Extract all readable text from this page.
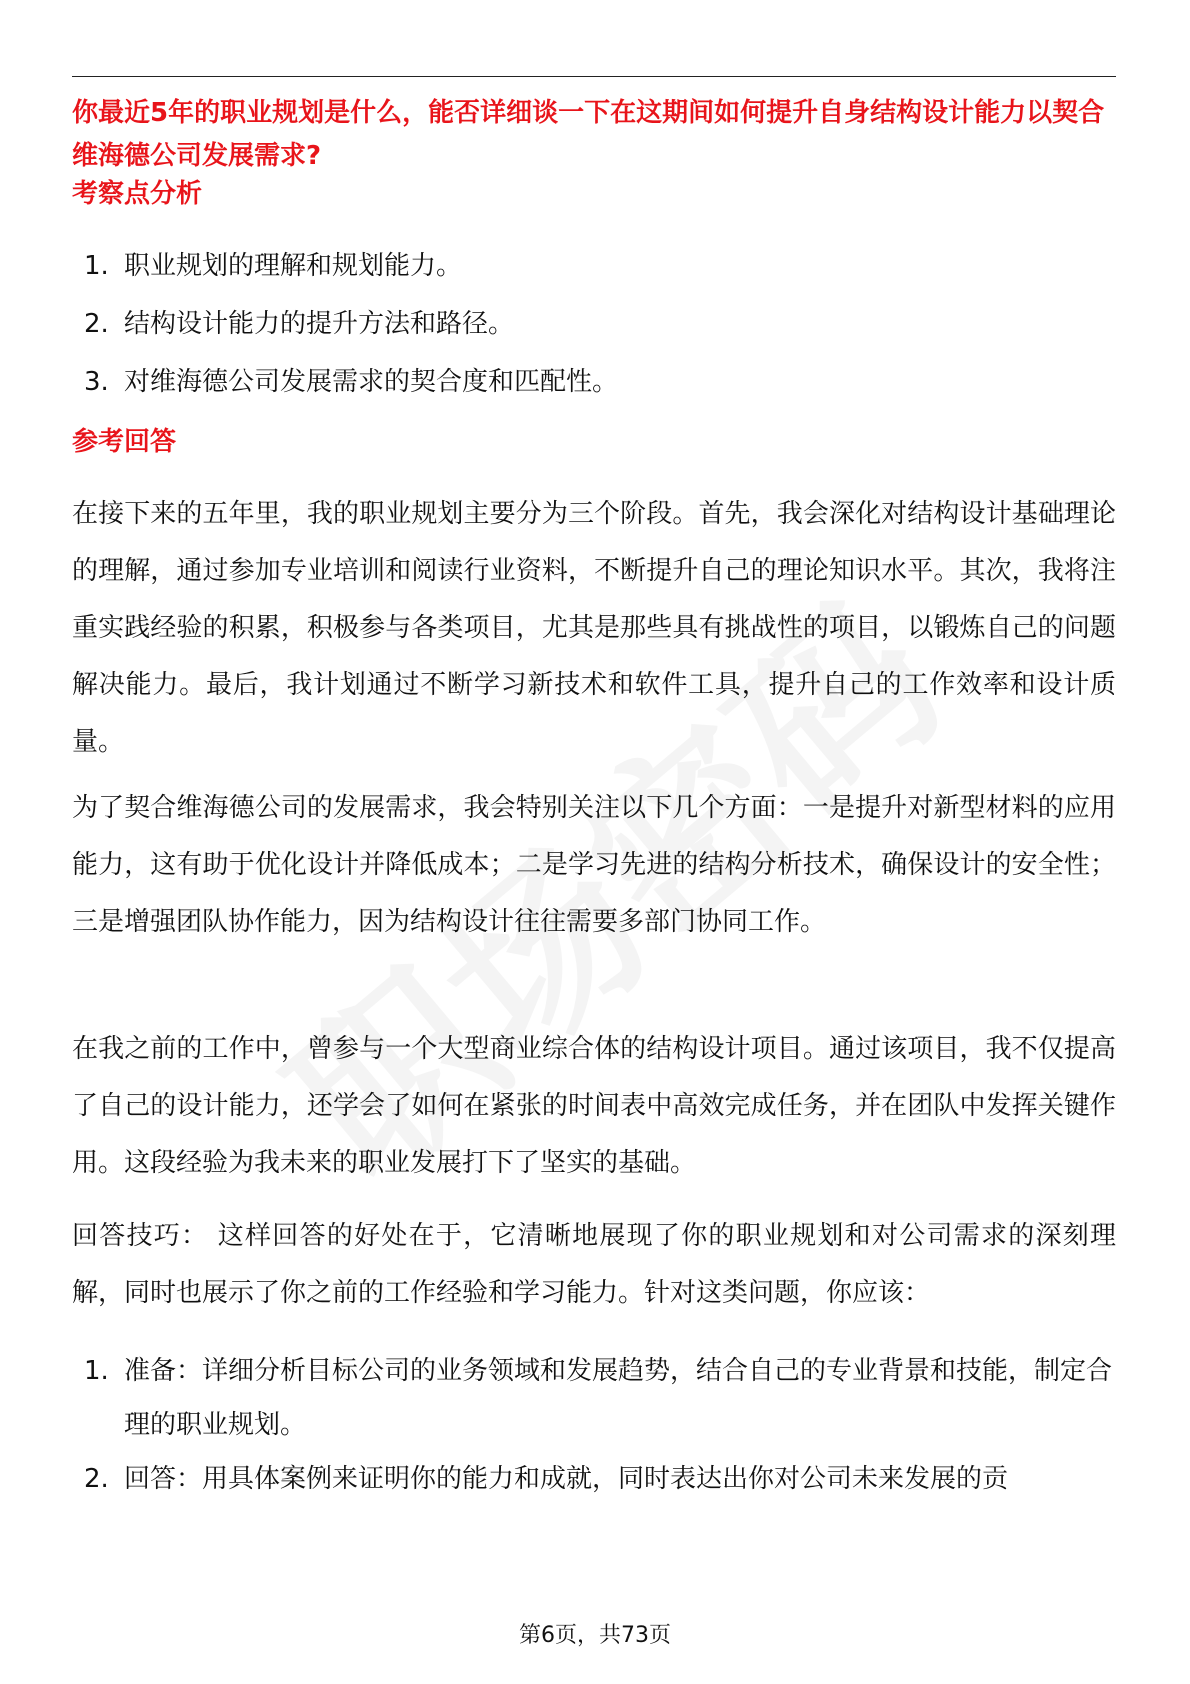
你最近5年的职业规划是什么，能否详细谈一下在这期间如何提升自身结构设计能力以契合维海德公司发展需求?
考察点分析
1. 职业规划的理解和规划能力。
2. 结构设计能力的提升方法和路径。
3. 对维海德公司发展需求的契合度和匹配性。
参考回答
在接下来的五年里，我的职业规划主要分为三个阶段。首先，我会深化对结构设计基础理论的理解，通过参加专业培训和阅读行业资料，不断提升自己的理论知识水平。其次，我将注重实践经验的积累，积极参与各类项目，尤其是那些具有挑战性的项目，以锻炼自己的问题解决能力。最后，我计划通过不断学习新技术和软件工具，提升自己的工作效率和设计质量。
为了契合维海德公司的发展需求，我会特别关注以下几个方面：一是提升对新型材料的应用能力，这有助于优化设计并降低成本；二是学习先进的结构分析技术，确保设计的安全性；三是增强团队协作能力，因为结构设计往往需要多部门协同工作。
在我之前的工作中，曾参与一个大型商业综合体的结构设计项目。通过该项目，我不仅提高了自己的设计能力，还学会了如何在紧张的时间表中高效完成任务，并在团队中发挥关键作用。这段经验为我未来的职业发展打下了坚实的基础。
回答技巧： 这样回答的好处在于，它清晰地展现了你的职业规划和对公司需求的深刻理解，同时也展示了你之前的工作经验和学习能力。针对这类问题，你应该：
1. 准备：详细分析目标公司的业务领域和发展趋势，结合自己的专业背景和技能，制定合理的职业规划。
2. 回答：用具体案例来证明你的能力和成就，同时表达出你对公司未来发展的贡
第6页，共73页
